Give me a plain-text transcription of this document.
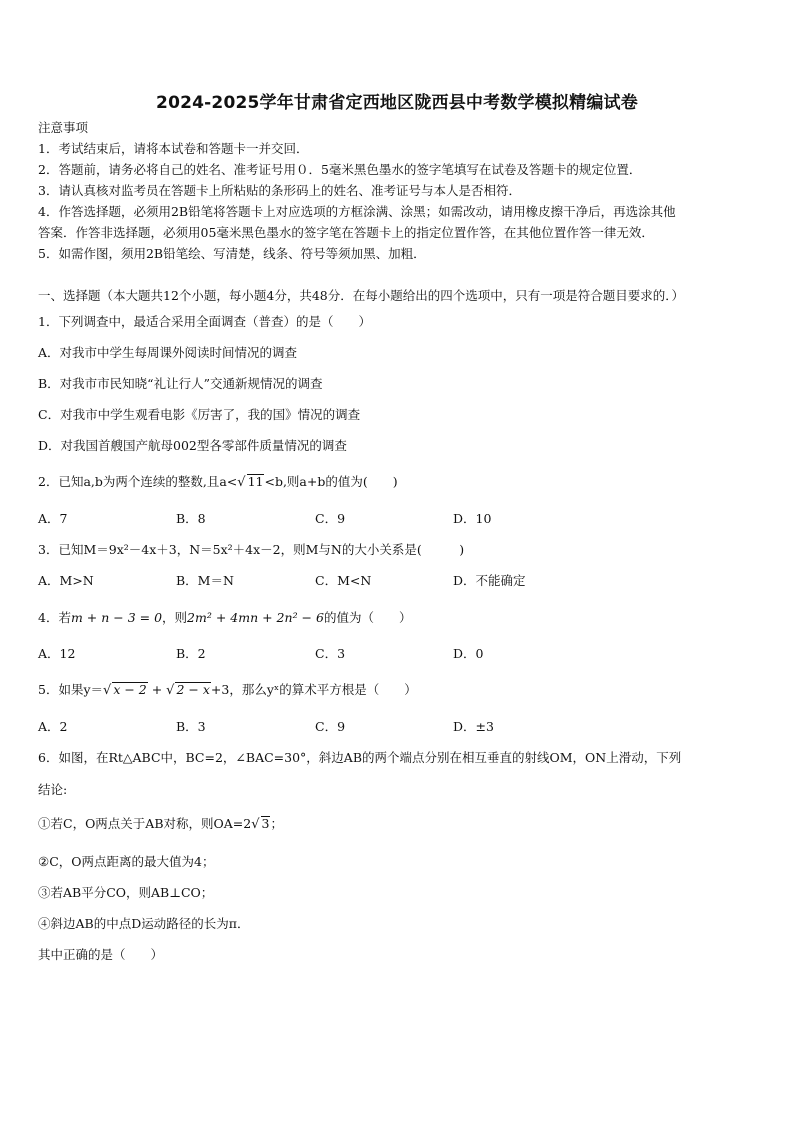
2024-2025学年甘肃省定西地区陇西县中考数学模拟精编试卷
注意事项
1．考试结束后，请将本试卷和答题卡一并交回．
2．答题前，请务必将自己的姓名、准考证号用０．5毫米黑色墨水的签字笔填写在试卷及答题卡的规定位置．
3．请认真核对监考员在答题卡上所粘贴的条形码上的姓名、准考证号与本人是否相符．
4．作答选择题，必须用2B铅笔将答题卡上对应选项的方框涂满、涂黑；如需改动，请用橡皮擦干净后，再选涂其他
答案．作答非选择题，必须用05毫米黑色墨水的签字笔在答题卡上的指定位置作答，在其他位置作答一律无效．
5．如需作图，须用2B铅笔绘、写清楚，线条、符号等须加黑、加粗．
一、选择题（本大题共12个小题，每小题4分，共48分．在每小题给出的四个选项中，只有一项是符合题目要求的．）
1．下列调查中，最适合采用全面调查（普查）的是（　　）
A．对我市中学生每周课外阅读时间情况的调查
B．对我市市民知晓“礼让行人”交通新规情况的调查
C．对我市中学生观看电影《厉害了，我的国》情况的调查
D．对我国首艘国产航母002型各零部件质量情况的调查
2．已知a,b为两个连续的整数,且a<√ 11<b,则a+b的值为(　　)
A．7	B．8	C．9	D．10
3．已知M＝9x²－4x＋3，N＝5x²＋4x－2，则M与N的大小关系是(　　　)
A．M>N	B．M＝N	C．M<N	D．不能确定
4．若m + n − 3 = 0，则2m² + 4mn + 2n² − 6的值为（　　）
A．12	B．2	C．3	D．0
5．如果y＝√ x − 2 + √ 2 − x+3，那么yˣ的算术平方根是（　　）
A．2	B．3	C．9	D．±3
6．如图，在Rt△ABC中，BC=2，∠BAC=30°，斜边AB的两个端点分别在相互垂直的射线OM，ON上滑动，下列
结论:
①若C，O两点关于AB对称，则OA=2√ 3；
②C，O两点距离的最大值为4；
③若AB平分CO，则AB⊥CO；
④斜边AB的中点D运动路径的长为π．
其中正确的是（　　）
